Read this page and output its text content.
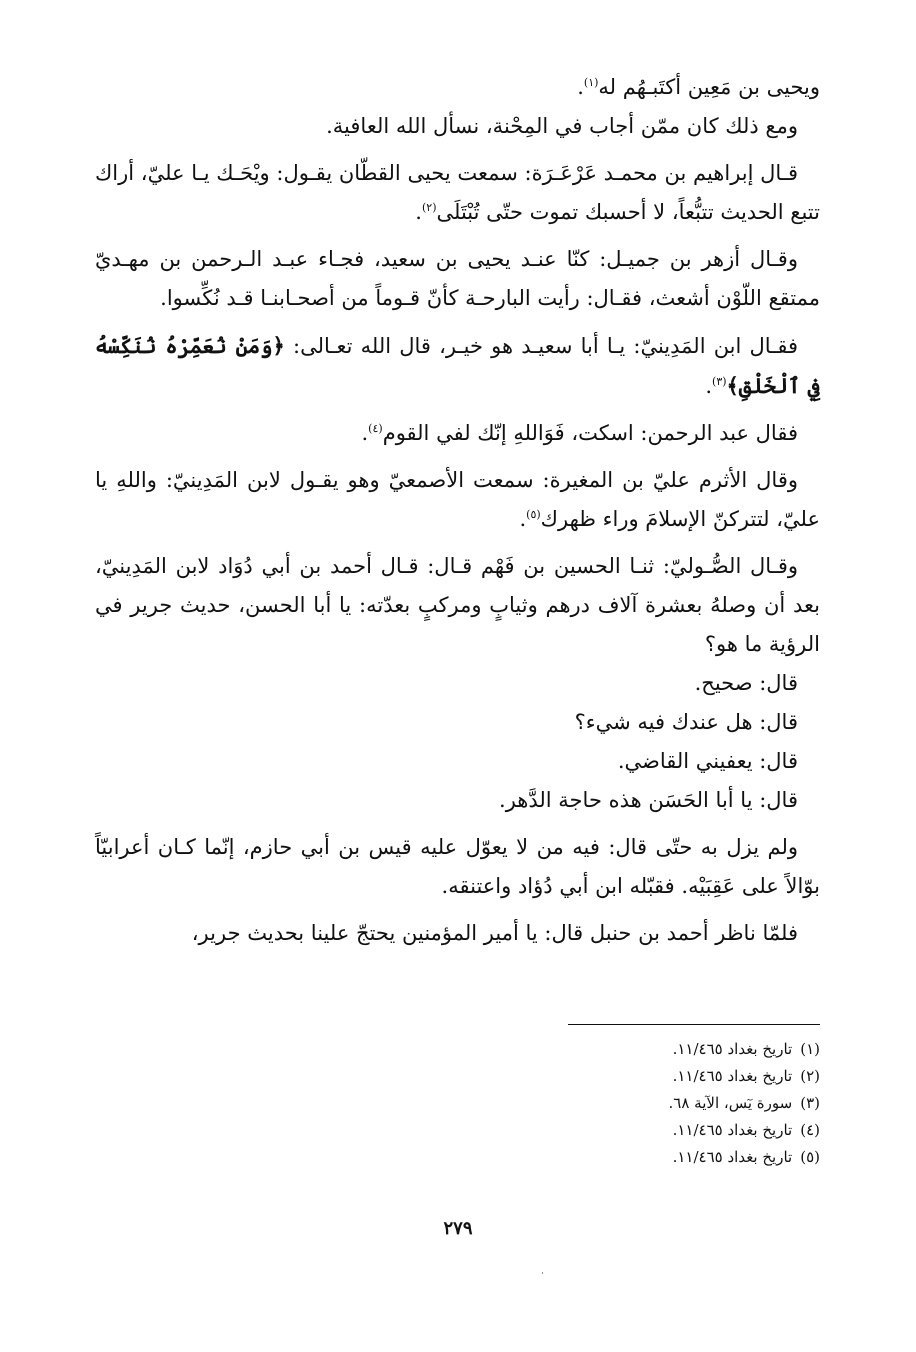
ويحيى بن مَعِين أكتَبـهُم له$^{(١)}$.

ومع ذلك كان ممّن أجاب في المِحْنة، نسأل الله العافية.

قـال إبراهيم بن محمـد عَرْعَـرَة: سمعت يحيى القطّان يقـول: ويْحَـك يـا عليّ، أراك تتبع الحديث تتبُّعاً، لا أحسبك تموت حتّى تُبْتَلَى$^{(٢)}$.
وقـال أزهر بن جميـل: كنّا عنـد يحيى بن سعيد، فجـاء عبـد الـرحمن بن مهـديّ ممتقع اللّوْن أشعث، فقـال: رأيت البارحـة كأنّ قـوماً من أصحـابنـا قـد نُكِّسوا.
فقـال ابن المَدِينيّ: يـا أبا سعيـد هو خيـر، قال الله تعـالى: ﴿وَمَنْ نُعَمِّرْهُ نُنَكِّسْهُ فِي ٱلْخَلْقِ﴾$^{(٣)}$.
فقال عبد الرحمن: اسكت، فَوَاللهِ إنّك لفي القوم$^{(٤)}$.
وقال الأثرم عليّ بن المغيرة: سمعت الأصمعيّ وهو يقـول لابن المَدِينيّ: واللهِ يا عليّ، لتتركنّ الإسلامَ وراء ظهرك$^{(٥)}$.
وقـال الصُّـوليّ: ثنـا الحسين بن فَهْم قـال: قـال أحمد بن أبي دُوَاد لابن المَدِينيّ، بعد أن وصلهُ بعشرة آلاف درهم وثيابٍ ومركبٍ بعدّته: يا أبا الحسن، حديث جرير في الرؤية ما هو؟

قال: صحيح.

قال: هل عندك فيه شيء؟

قال: يعفيني القاضي.

قال: يا أبا الحَسَن هذه حاجة الدَّهر.

ولم يزل به حتّى قال: فيه من لا يعوّل عليه قيس بن أبي حازم، إنّما كـان أعرابيّاً بوّالاً على عَقِبَيْه. فقبّله ابن أبي دُؤاد واعتنقه.
فلمّا ناظر أحمد بن حنبل قال: يا أمير المؤمنين يحتجّ علينا بحديث جرير،

(١)تاريخ بغداد ١١/٤٦٥.

(٢)تاريخ بغداد ١١/٤٦٥.

(٣)سورة يٓس، الآية ٦٨.

(٤)تاريخ بغداد ١١/٤٦٥.

(٥)تاريخ بغداد ١١/٤٦٥.

٢٧٩
